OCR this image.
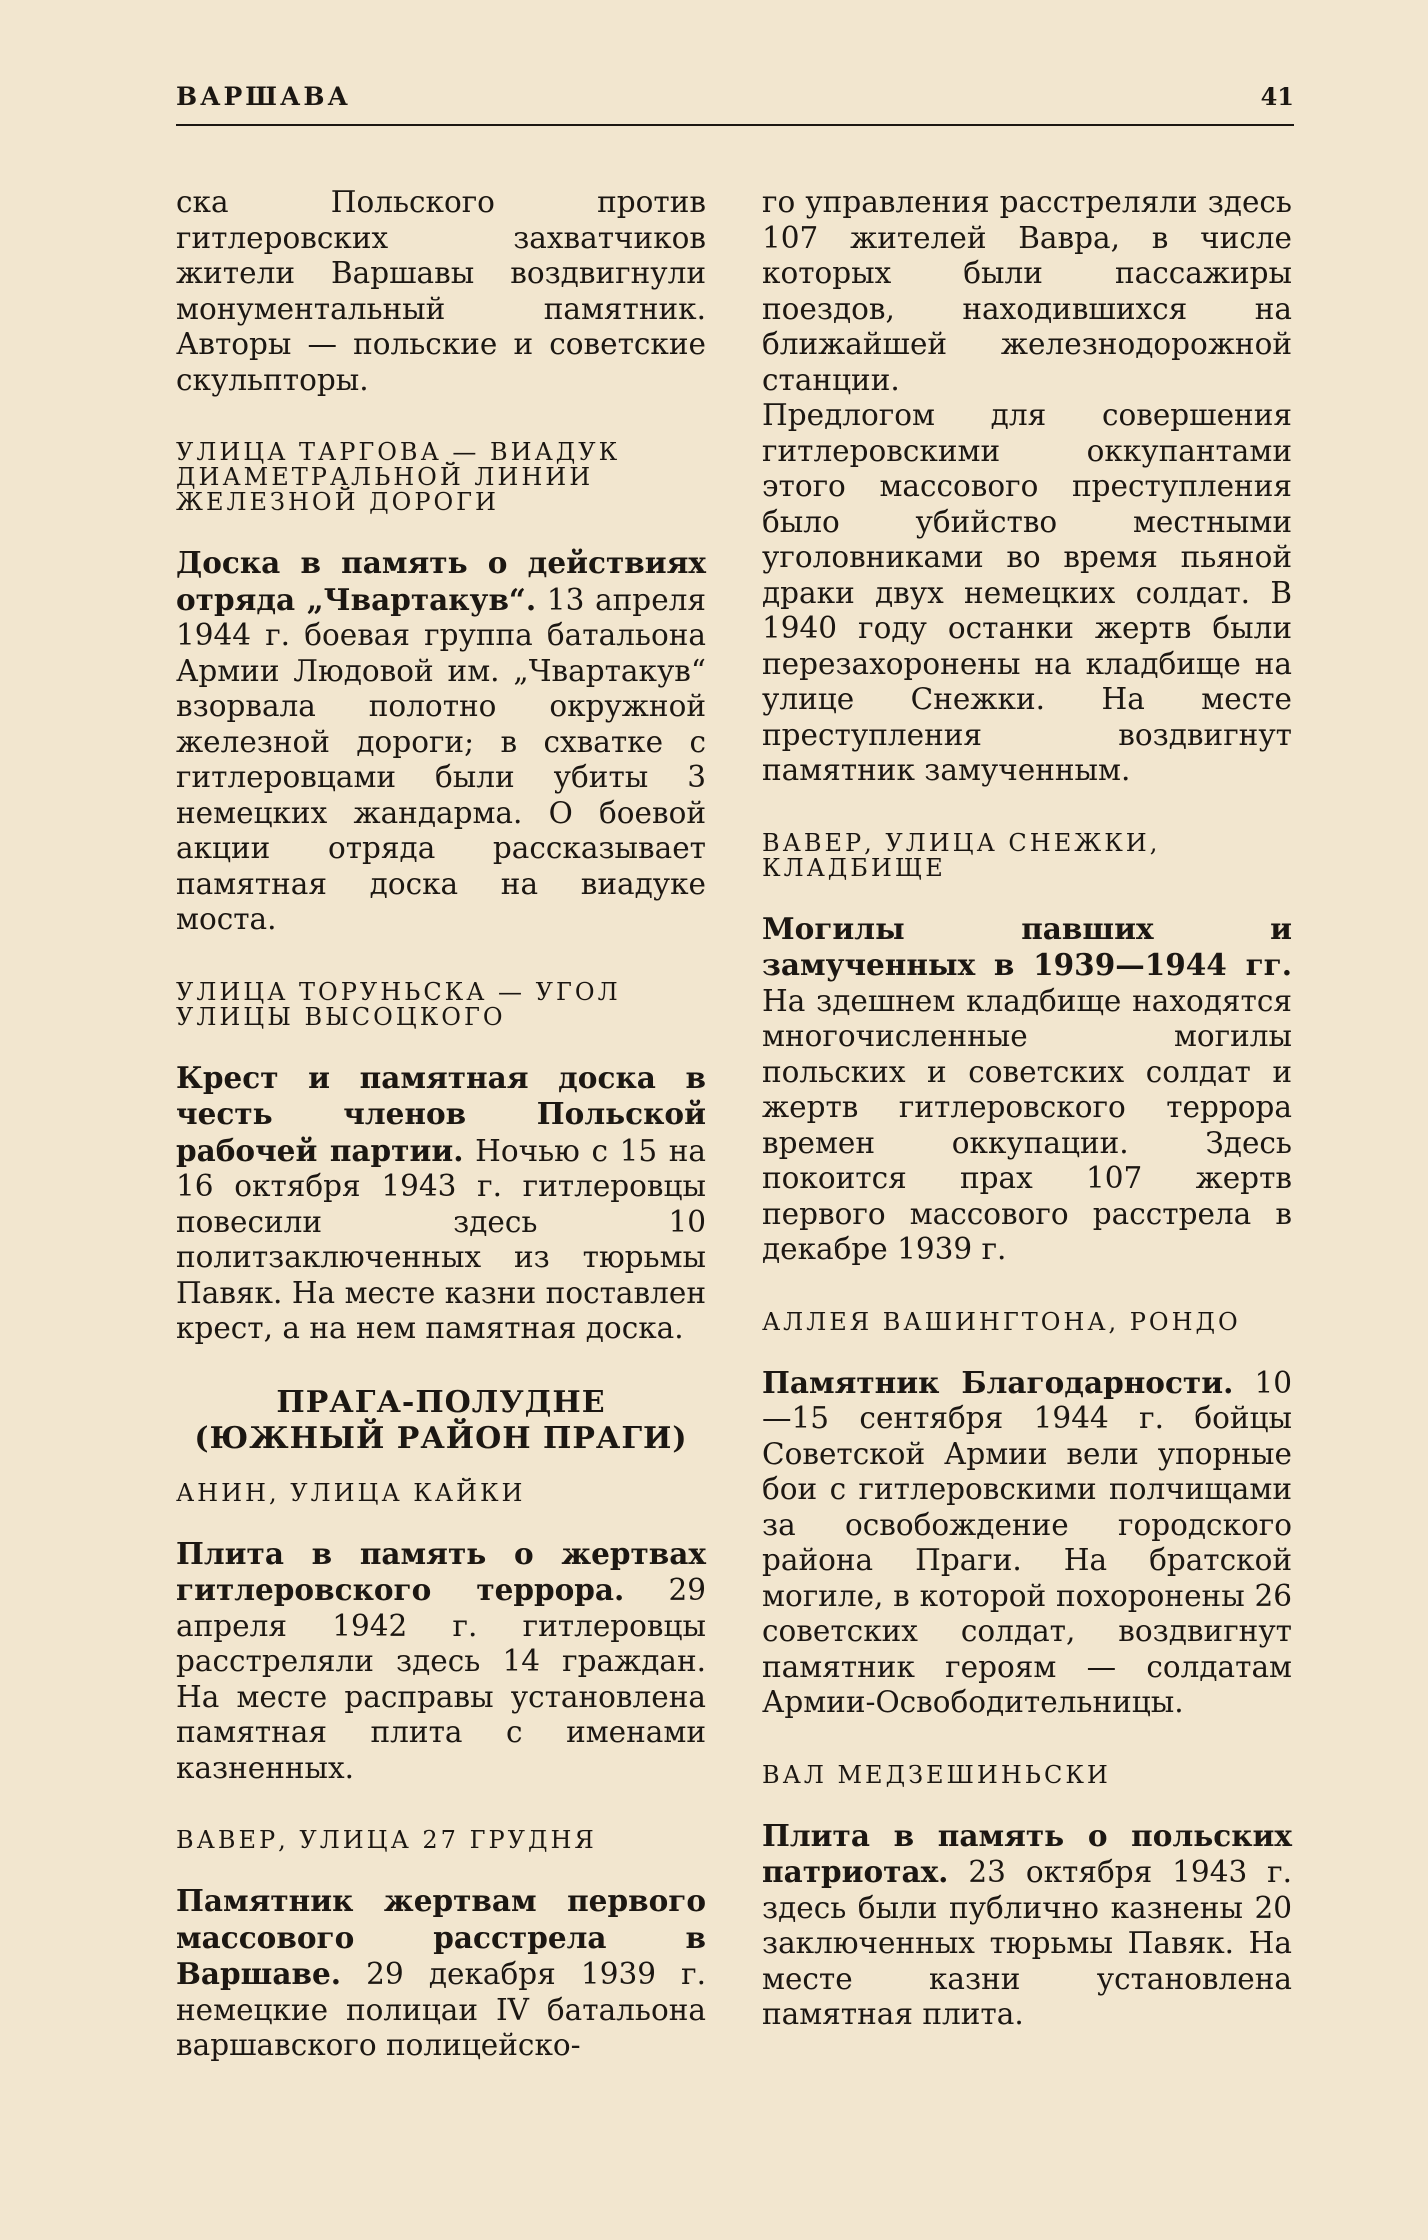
ВАРШАВА	41

ска Польского против гитлеровских захватчиков жители Варшавы воздвигнули монументальный памятник. Авторы — польские и советские скульпторы.

УЛИЦА ТАРГОВА — ВИАДУК ДИАМЕТРАЛЬНОЙ ЛИНИИ ЖЕЛЕЗНОЙ ДОРОГИ

Доска в память о действиях отряда „Чвартакув“. 13 апреля 1944 г. боевая группа батальона Армии Людовой им. „Чвартакув“ взорвала полотно окружной железной дороги; в схватке с гитлеровцами были убиты 3 немецких жандарма. О боевой акции отряда рассказывает памятная доска на виадуке моста.

УЛИЦА ТОРУНЬСКА — УГОЛ УЛИЦЫ ВЫСОЦКОГО

Крест и памятная доска в честь членов Польской рабочей партии. Ночью с 15 на 16 октября 1943 г. гитлеровцы повесили здесь 10 политзаключенных из тюрьмы Павяк. На месте казни поставлен крест, а на нем памятная доска.

ПРАГА-ПОЛУДНЕ
(ЮЖНЫЙ РАЙОН ПРАГИ)
АНИН, УЛИЦА КАЙКИ

Плита в память о жертвах гитлеровского террора. 29 апреля 1942 г. гитлеровцы расстреляли здесь 14 граждан. На месте расправы установлена памятная плита с именами казненных.

ВАВЕР, УЛИЦА 27 ГРУДНЯ

Памятник жертвам первого массового расстрела в Варшаве. 29 декабря 1939 г. немецкие полицаи IV батальона варшавского полицейско-

го управления расстреляли здесь 107 жителей Вавра, в числе которых были пассажиры поездов, находившихся на ближайшей железнодорожной станции.

Предлогом для совершения гитлеровскими оккупантами этого массового преступления было убийство местными уголовниками во время пьяной драки двух немецких солдат. В 1940 году останки жертв были перезахоронены на кладбище на улице Снежки. На месте преступления воздвигнут памятник замученным.

ВАВЕР, УЛИЦА СНЕЖКИ, КЛАДБИЩЕ

Могилы павших и замученных в 1939—1944 гг. На здешнем кладбище находятся многочисленные могилы польских и советских солдат и жертв гитлеровского террора времен оккупации. Здесь покоится прах 107 жертв первого массового расстрела в декабре 1939 г.

АЛЛЕЯ ВАШИНГТОНА, РОНДО

Памятник Благодарности. 10—15 сентября 1944 г. бойцы Советской Армии вели упорные бои с гитлеровскими полчищами за освобождение городского района Праги. На братской могиле, в которой похоронены 26 советских солдат, воздвигнут памятник героям — солдатам Армии-Освободительницы.

ВАЛ МЕДЗЕШИНЬСКИ

Плита в память о польских патриотах. 23 октября 1943 г. здесь были публично казнены 20 заключенных тюрьмы Павяк. На месте казни установлена памятная плита.
